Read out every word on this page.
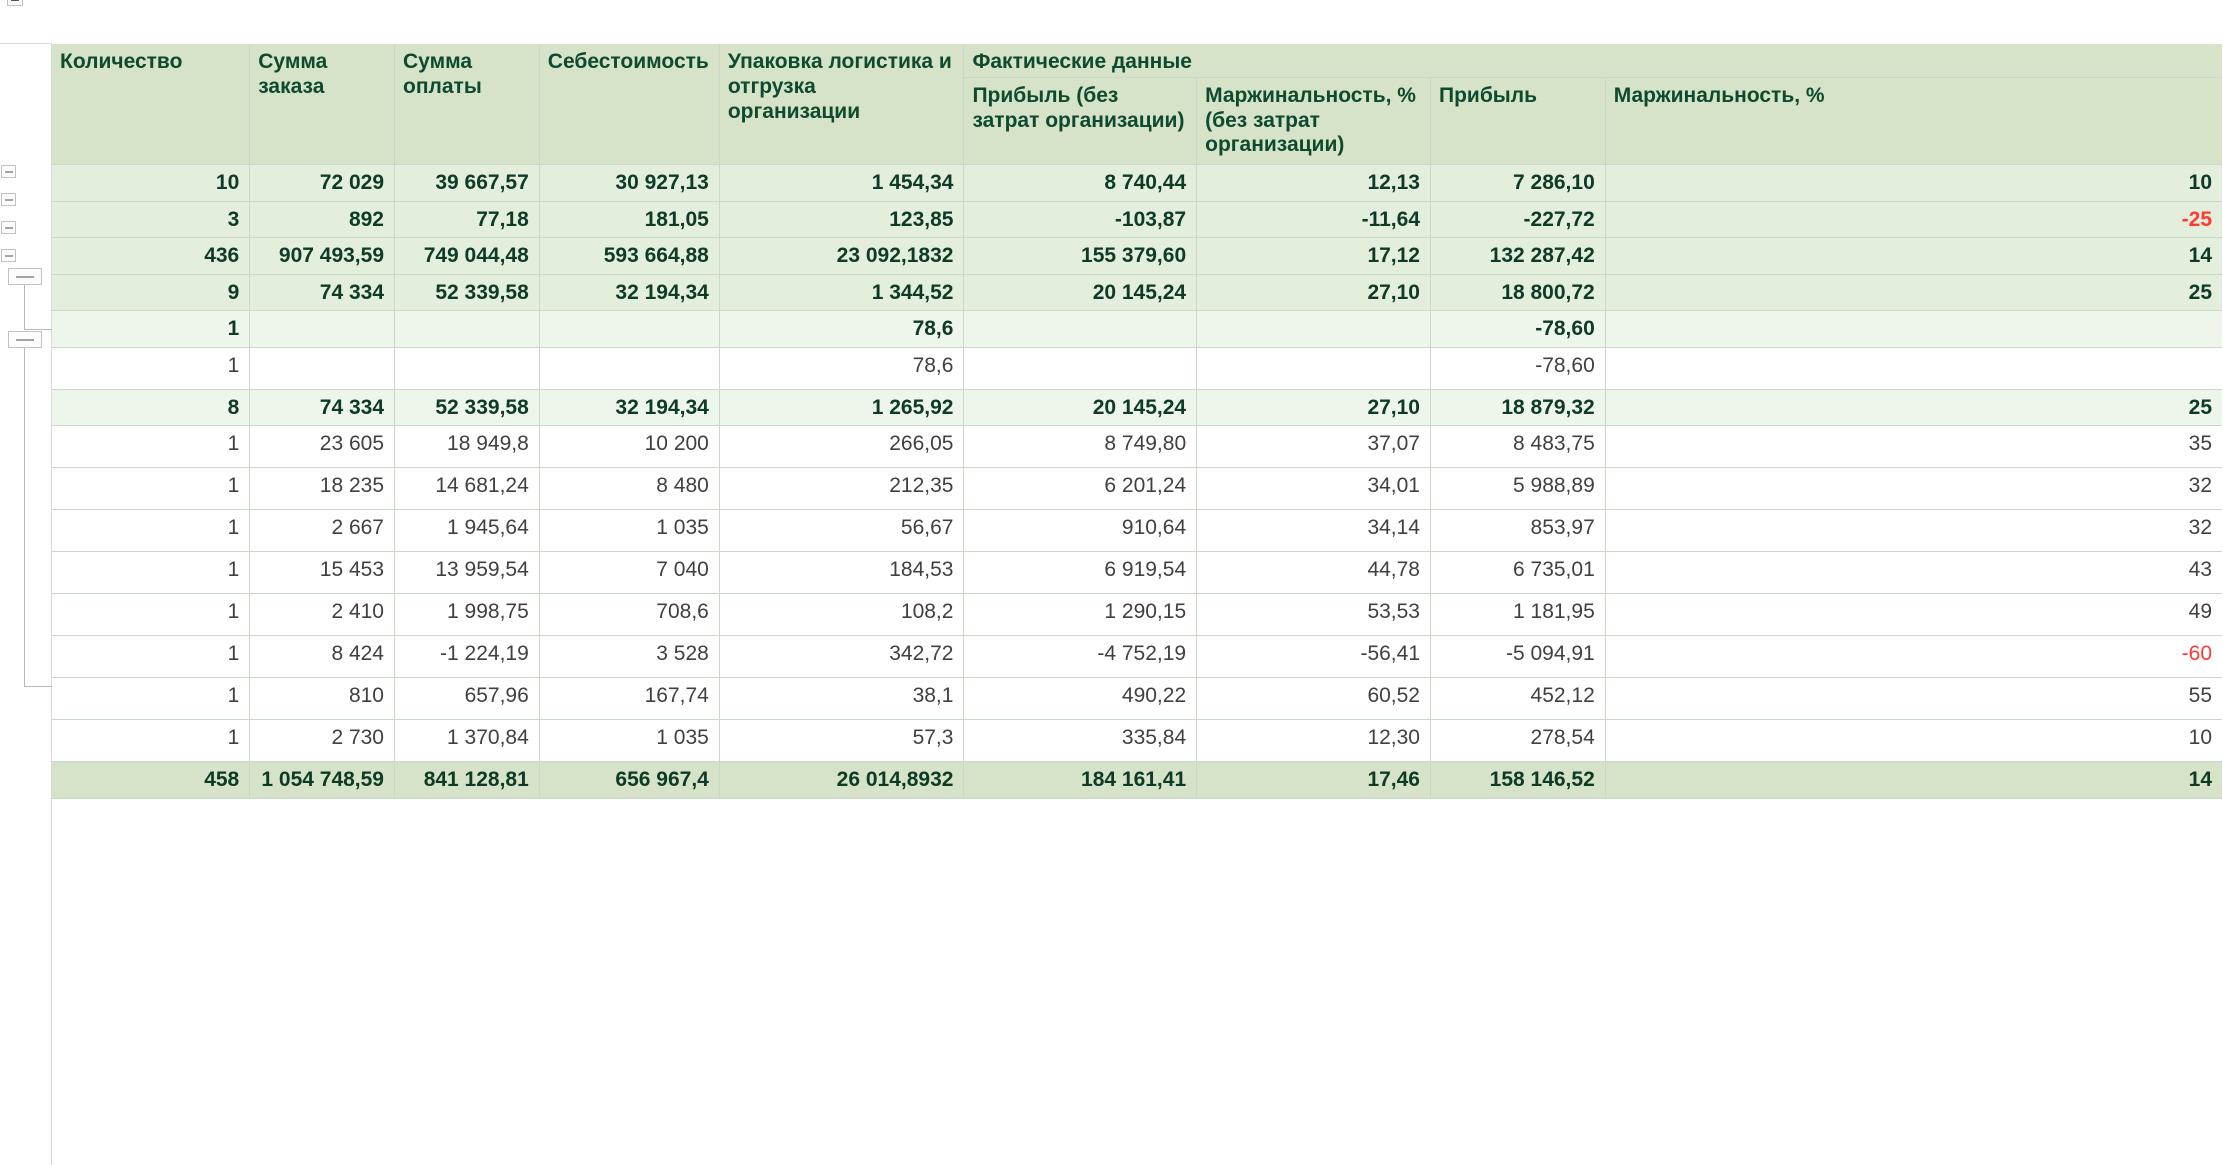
Количество	Сумма заказа	Сумма оплаты	Себестоимость	Упаковка логистика и отгрузка организации	Фактические данные			
					Прибыль (без затрат организации)	Маржинальность, % (без затрат организации)	Прибыль	Маржинальность, %
10	72 029	39 667,57	30 927,13	1 454,34	8 740,44	12,13	7 286,10	10
3	892	77,18	181,05	123,85	-103,87	-11,64	-227,72	-25
436	907 493,59	749 044,48	593 664,88	23 092,1832	155 379,60	17,12	132 287,42	14
9	74 334	52 339,58	32 194,34	1 344,52	20 145,24	27,10	18 800,72	25
1				78,6			-78,60	
1				78,6			-78,60	
8	74 334	52 339,58	32 194,34	1 265,92	20 145,24	27,10	18 879,32	25
1	23 605	18 949,8	10 200	266,05	8 749,80	37,07	8 483,75	35
1	18 235	14 681,24	8 480	212,35	6 201,24	34,01	5 988,89	32
1	2 667	1 945,64	1 035	56,67	910,64	34,14	853,97	32
1	15 453	13 959,54	7 040	184,53	6 919,54	44,78	6 735,01	43
1	2 410	1 998,75	708,6	108,2	1 290,15	53,53	1 181,95	49
1	8 424	-1 224,19	3 528	342,72	-4 752,19	-56,41	-5 094,91	-60
1	810	657,96	167,74	38,1	490,22	60,52	452,12	55
1	2 730	1 370,84	1 035	57,3	335,84	12,30	278,54	10
458	1 054 748,59	841 128,81	656 967,4	26 014,8932	184 161,41	17,46	158 146,52	14
